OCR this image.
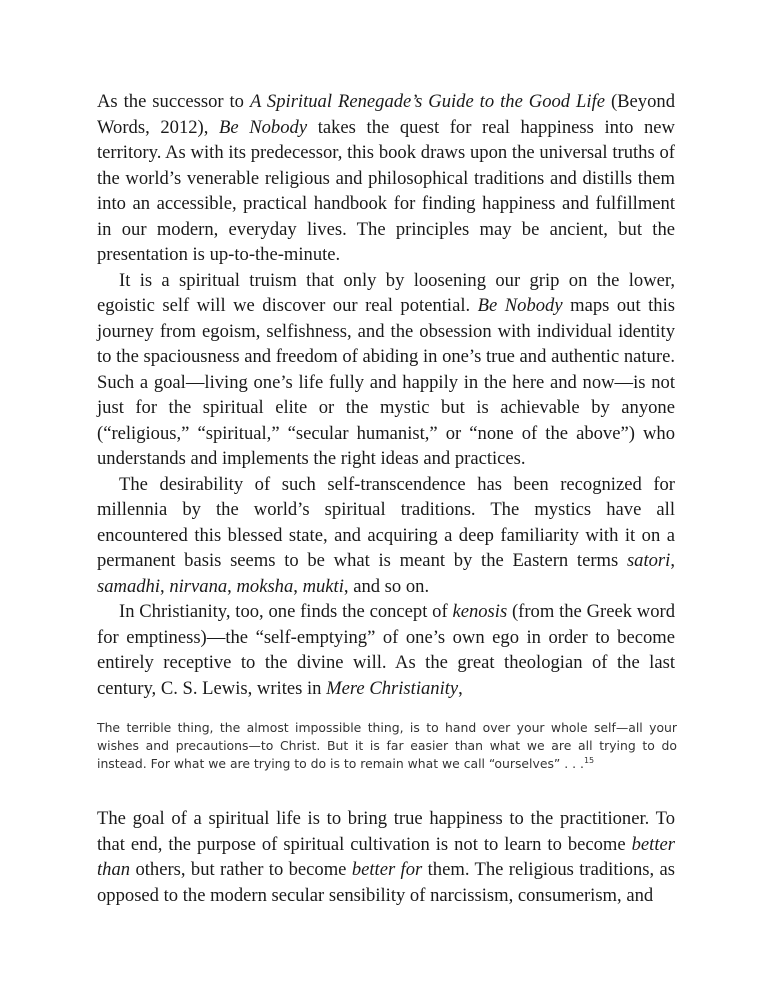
As the successor to A Spiritual Renegade’s Guide to the Good Life (Beyond Words, 2012), Be Nobody takes the quest for real happiness into new territory. As with its predecessor, this book draws upon the universal truths of the world’s venerable religious and philosophical traditions and distills them into an accessible, practical handbook for finding happiness and fulfillment in our modern, everyday lives. The principles may be ancient, but the presentation is up-to-the-minute.

It is a spiritual truism that only by loosening our grip on the lower, egoistic self will we discover our real potential. Be Nobody maps out this journey from egoism, selfishness, and the obsession with individual identity to the spaciousness and freedom of abiding in one’s true and authentic nature. Such a goal—living one’s life fully and happily in the here and now—is not just for the spiritual elite or the mystic but is achievable by anyone (“religious,” “spiritual,” “secular humanist,” or “none of the above”) who understands and implements the right ideas and practices.

The desirability of such self-transcendence has been recognized for millennia by the world’s spiritual traditions. The mystics have all encountered this blessed state, and acquiring a deep familiarity with it on a permanent basis seems to be what is meant by the Eastern terms satori, samadhi, nirvana, moksha, mukti, and so on.

In Christianity, too, one finds the concept of kenosis (from the Greek word for emptiness)—the “self-emptying” of one’s own ego in order to become entirely receptive to the divine will. As the great theologian of the last century, C. S. Lewis, writes in Mere Christianity,

The terrible thing, the almost impossible thing, is to hand over your whole self—all your wishes and precautions—to Christ. But it is far easier than what we are all trying to do instead. For what we are trying to do is to remain what we call “ourselves” . . .$^{15}$

The goal of a spiritual life is to bring true happiness to the practitioner. To that end, the purpose of spiritual cultivation is not to learn to become better than others, but rather to become better for them. The religious traditions, as opposed to the modern secular sensibility of narcissism, consumerism, and
